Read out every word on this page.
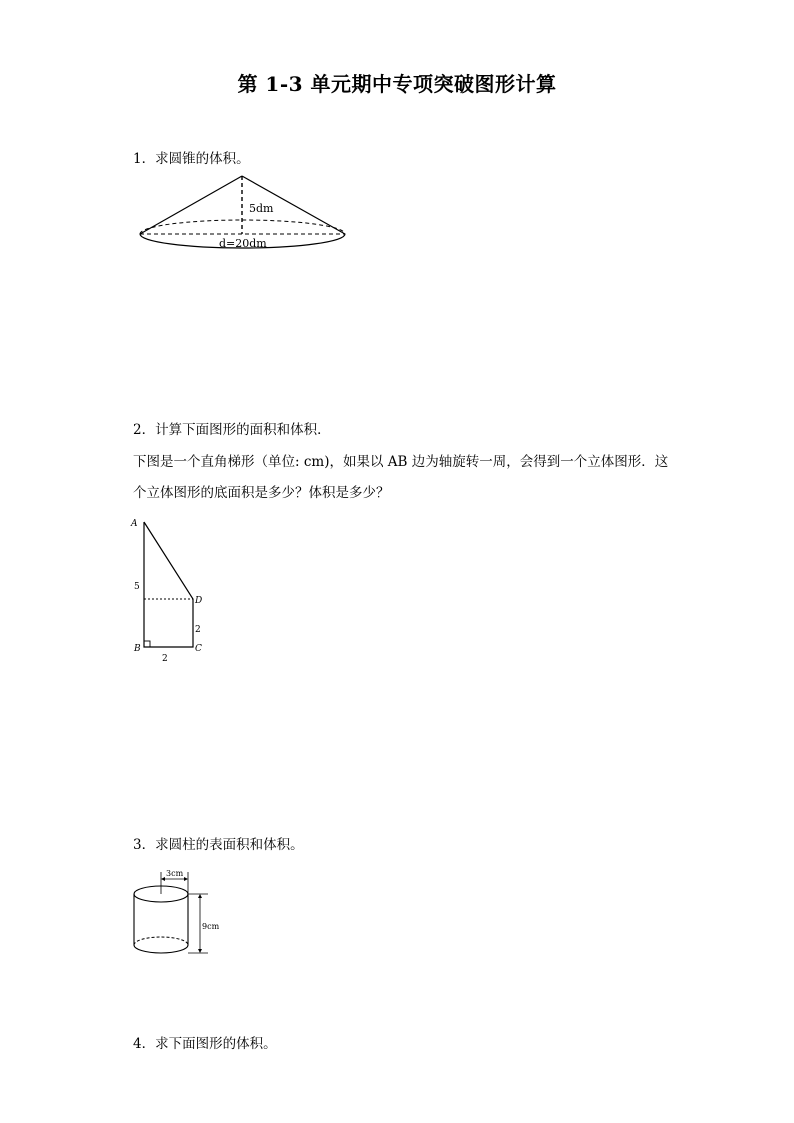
第 1-3 单元期中专项突破图形计算
1．求圆锥的体积。
5dm
d=20dm
2．计算下面图形的面积和体积．
下图是一个直角梯形（单位: cm)，如果以 AB 边为轴旋转一周，会得到一个立体图形．这
个立体图形的底面积是多少？体积是多少？
A
D
B	C
5
2
2
3．求圆柱的表面积和体积。
3cm
9cm
4．求下面图形的体积。
